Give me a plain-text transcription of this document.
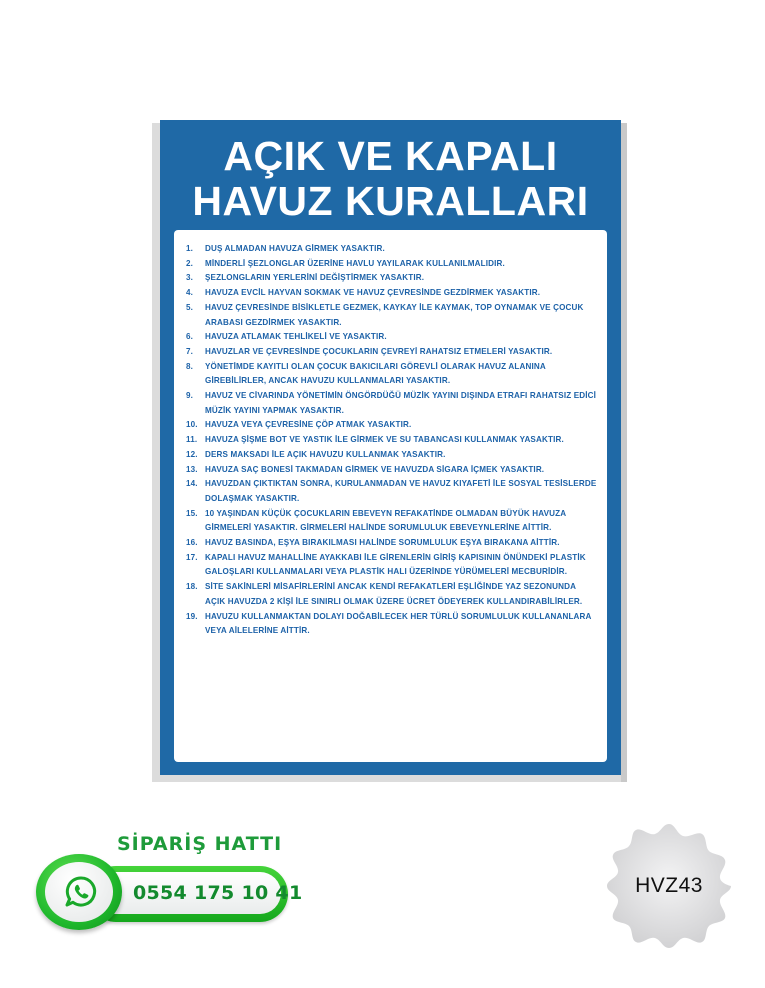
AÇIK VE KAPALI
HAVUZ KURALLARI
1.	DUŞ ALMADAN HAVUZA GİRMEK YASAKTIR.
2.	MİNDERLİ ŞEZLONGLAR ÜZERİNE HAVLU YAYILARAK KULLANILMALIDIR.
3.	ŞEZLONGLARIN YERLERİNİ DEĞİŞTİRMEK YASAKTIR.
4.	HAVUZA EVCİL HAYVAN SOKMAK VE HAVUZ ÇEVRESİNDE GEZDİRMEK YASAKTIR.
5.	HAVUZ ÇEVRESİNDE BİSİKLETLE GEZMEK, KAYKAY İLE KAYMAK, TOP OYNAMAK VE ÇOCUK ARABASI GEZDİRMEK YASAKTIR.
6.	HAVUZA ATLAMAK TEHLİKELİ VE YASAKTIR.
7.	HAVUZLAR VE ÇEVRESİNDE ÇOCUKLARIN ÇEVREYİ RAHATSIZ ETMELERİ YASAKTIR.
8.	YÖNETİMDE KAYITLI OLAN ÇOCUK BAKICILARI GÖREVLİ OLARAK HAVUZ ALANINA GİREBİLİRLER, ANCAK HAVUZU KULLANMALARI YASAKTIR.
9.	HAVUZ VE CİVARINDA YÖNETİMİN ÖNGÖRDÜĞÜ MÜZİK YAYINI DIŞINDA ETRAFI RAHATSIZ EDİCİ MÜZİK YAYINI YAPMAK YASAKTIR.
10. HAVUZA VEYA ÇEVRESİNE ÇÖP ATMAK YASAKTIR.
11. HAVUZA ŞİŞME BOT VE YASTIK İLE GİRMEK VE SU TABANCASI KULLANMAK YASAKTIR.
12. DERS MAKSADI İLE AÇIK HAVUZU KULLANMAK YASAKTIR.
13. HAVUZA SAÇ BONESİ TAKMADAN GİRMEK VE HAVUZDA SİGARA İÇMEK YASAKTIR.
14. HAVUZDAN ÇIKTIKTAN SONRA, KURULANMADAN VE HAVUZ KIYAFETİ İLE SOSYAL TESİSLERDE DOLAŞMAK YASAKTIR.
15. 10 YAŞINDAN KÜÇÜK ÇOCUKLARIN EBEVEYN REFAKATİNDE OLMADAN BÜYÜK HAVUZA GİRMELERİ YASAKTIR. GİRMELERİ HALİNDE SORUMLULUK EBEVEYNLERİNE AİTTİR.
16. HAVUZ BASINDA, EŞYA BIRAKILMASI HALİNDE SORUMLULUK EŞYA BIRAKANA AİTTİR.
17. KAPALI HAVUZ MAHALLİNE AYAKKABI İLE GİRENLERİN GİRİŞ KAPISININ ÖNÜNDEKİ PLASTİK GALOŞLARI KULLANMALARI VEYA PLASTİK HALI ÜZERİNDE YÜRÜMELERİ MECBURİDİR.
18. SİTE SAKİNLERİ MİSAFİRLERİNİ ANCAK KENDİ REFAKATLERİ EŞLİĞİNDE YAZ SEZONUNDA AÇIK HAVUZDA 2 KİŞİ İLE SINIRLI OLMAK ÜZERE ÜCRET ÖDEYEREK KULLANDIRABİLİRLER.
19. HAVUZU KULLANMAKTAN DOLAYI DOĞABİLECEK HER TÜRLÜ SORUMLULUK KULLANANLARA VEYA AİLELERİNE AİTTİR.
SİPARİŞ HATTI
0554 175 10 41	HVZ43
